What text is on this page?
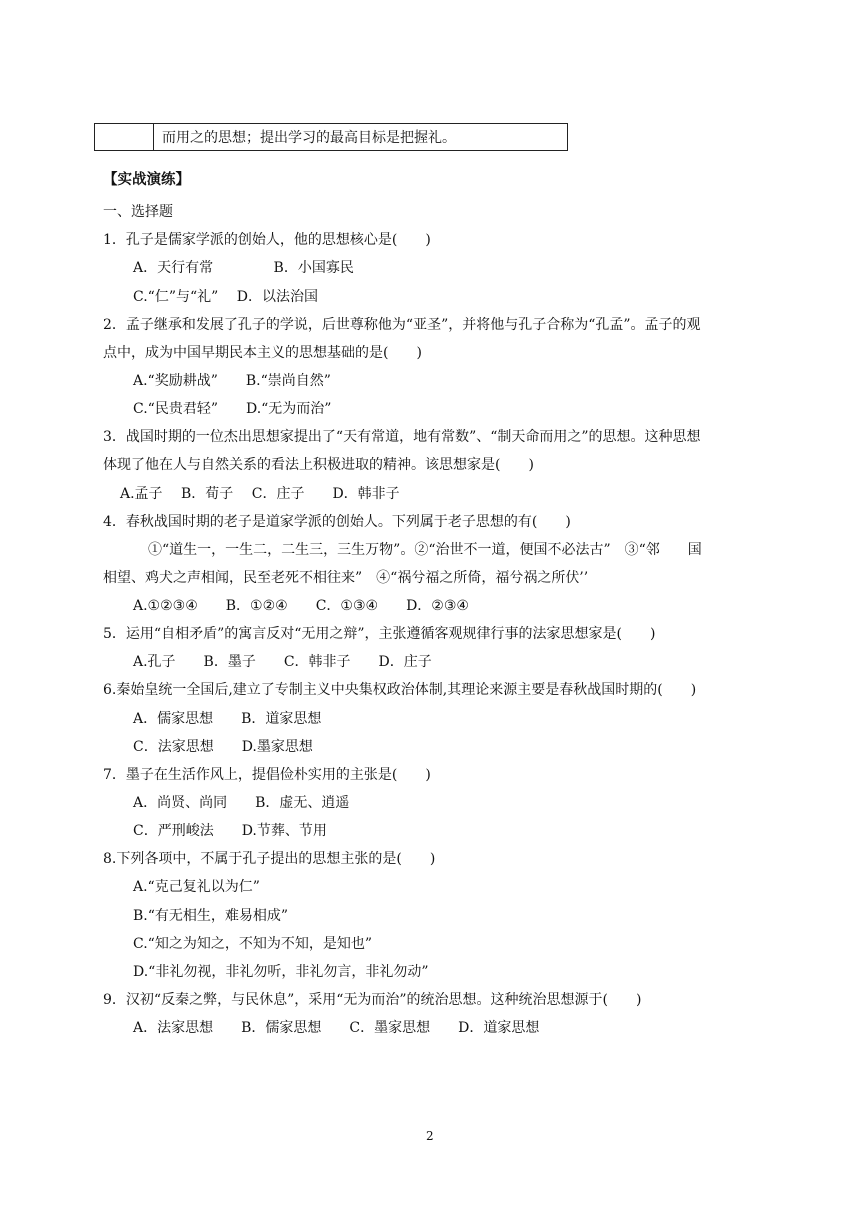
	而用之的思想；提出学习的最高目标是把握礼。
【实战演练】
一、选择题
1．孔子是儒家学派的创始人，他的思想核心是(　　)
A．天行有常　　　　 B．小国寡民
C.“仁”与“礼”　 D．以法治国
2．孟子继承和发展了孔子的学说，后世尊称他为“亚圣”，并将他与孔子合称为“孔孟”。孟子的观
点中，成为中国早期民本主义的思想基础的是(　　)
A.“奖励耕战”　　B.“崇尚自然”
C.“民贵君轻”　　D.“无为而治”
3．战国时期的一位杰出思想家提出了“天有常道，地有常数”、“制天命而用之”的思想。这种思想
体现了他在人与自然关系的看法上积极进取的精神。该思想家是(　　)
A.孟子　 B．荀子　 C．庄子　　D．韩非子
4．春秋战国时期的老子是道家学派的创始人。下列属于老子思想的有(　　)
①“道生一，一生二，二生三，三生万物”。②“治世不一道，便国不必法古”　③“邻　　国
相望、鸡犬之声相闻，民至老死不相往来”　④“祸兮福之所倚，福兮祸之所伏’’
A.①②③④　　B．①②④　　C．①③④　　D．②③④
5．运用“自相矛盾”的寓言反对“无用之辩”，主张遵循客观规律行事的法家思想家是(　　)
A.孔子　　B．墨子　　C．韩非子　　D．庄子
6.秦始皇统一全国后,建立了专制主义中央集权政治体制,其理论来源主要是春秋战国时期的(　　)
A．儒家思想　　B．道家思想
C．法家思想　　D.墨家思想
7．墨子在生活作风上，提倡俭朴实用的主张是(　　)
A．尚贤、尚同　　B．虚无、逍遥
C．严刑峻法　　D.节葬、节用
8.下列各项中，不属于孔子提出的思想主张的是(　　)
A.“克己复礼以为仁”
B.“有无相生，难易相成”
C.“知之为知之，不知为不知，是知也”
D.“非礼勿视，非礼勿听，非礼勿言，非礼勿动”
9．汉初“反秦之弊，与民休息”，采用“无为而治”的统治思想。这种统治思想源于(　　)
A．法家思想　　B．儒家思想　　C．墨家思想　　D．道家思想
2
